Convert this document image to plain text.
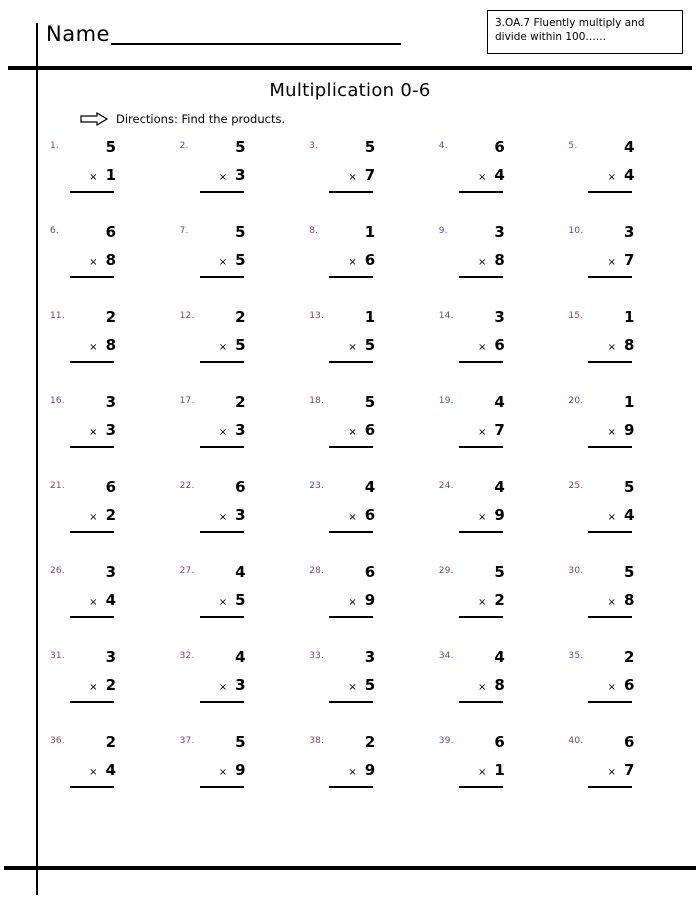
Name	3.OA.7 Fluently multiply and divide within 100…...
Multiplication 0-6
Directions: Find the products.
1.	5
× 1
2.	5
× 3
3.	5
× 7
4.	6
× 4
5.	4
× 4
6.	6
× 8
7.	5
× 5
8.	1
× 6
9.	3
× 8
10.	3
× 7
11.	2
× 8
12.	2
× 5
13.	1
× 5
14.	3
× 6
15.	1
× 8
16.	3
× 3
17.	2
× 3
18.	5
× 6
19.	4
× 7
20.	1
× 9
21.	6
× 2
22.	6
× 3
23.	4
× 6
24.	4
× 9
25.	5
× 4
26.	3
× 4
27.	4
× 5
28.	6
× 9
29.	5
× 2
30.	5
× 8
31.	3
× 2
32.	4
× 3
33.	3
× 5
34.	4
× 8
35.	2
× 6
36.	2
× 4
37.	5
× 9
38.	2
× 9
39.	6
× 1
40.	6
× 7
